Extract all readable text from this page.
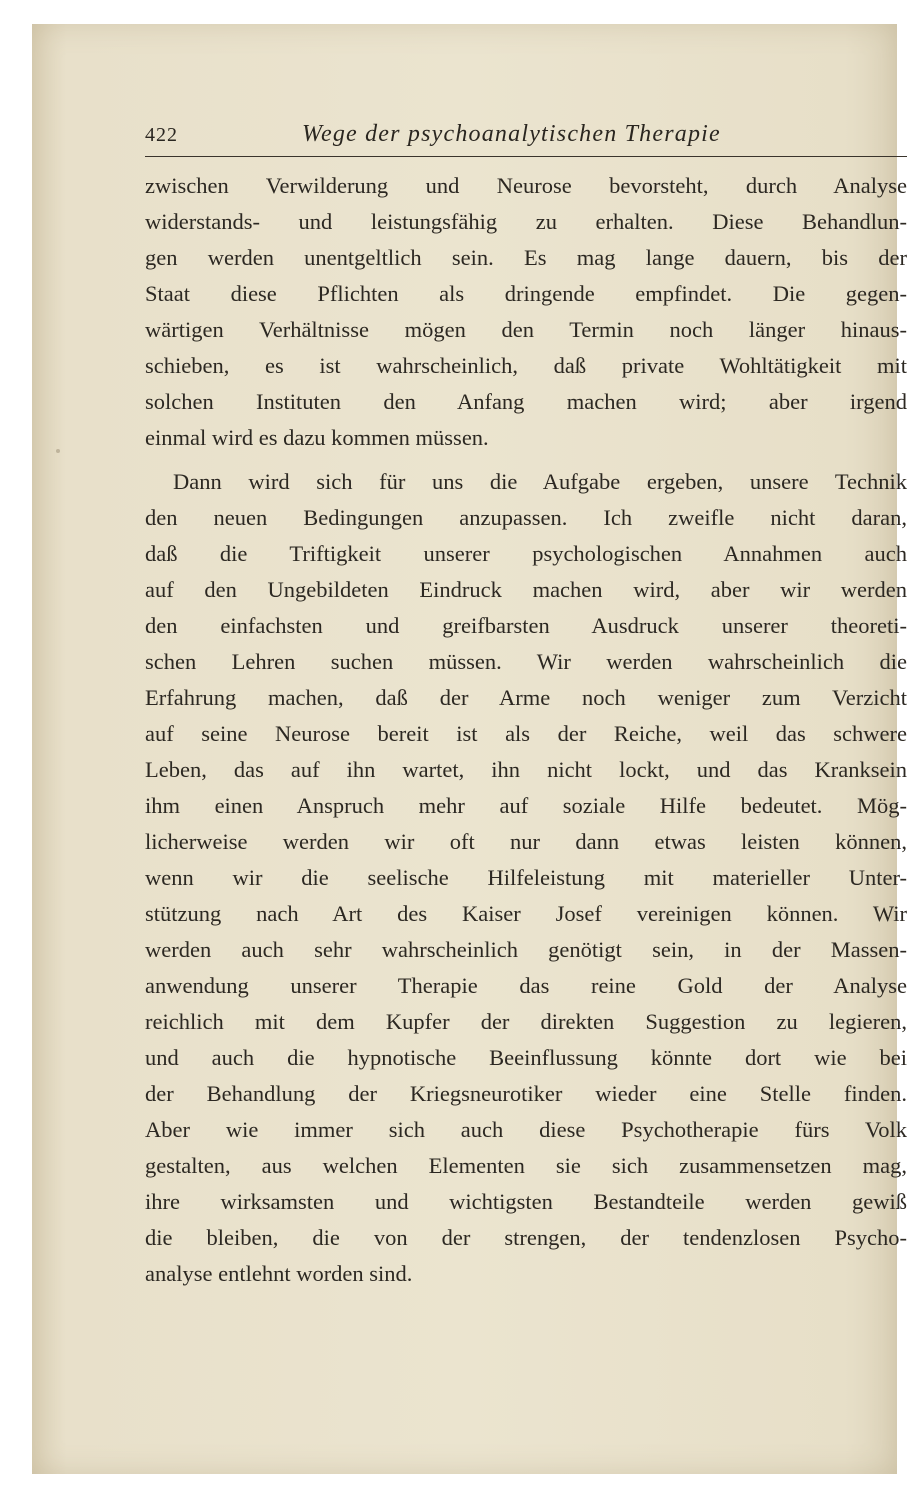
422	Wege der psychoanalytischen Therapie
zwischen Verwilderung und Neurose bevorsteht, durch Analyse
widerstands- und leistungsfähig zu erhalten. Diese Behandlun-
gen werden unentgeltlich sein. Es mag lange dauern, bis der
Staat diese Pflichten als dringende empfindet. Die gegen-
wärtigen Verhältnisse mögen den Termin noch länger hinaus-
schieben, es ist wahrscheinlich, daß private Wohltätigkeit mit
solchen Instituten den Anfang machen wird; aber irgend
einmal wird es dazu kommen müssen.
Dann wird sich für uns die Aufgabe ergeben, unsere Technik
den neuen Bedingungen anzupassen. Ich zweifle nicht daran,
daß die Triftigkeit unserer psychologischen Annahmen auch
auf den Ungebildeten Eindruck machen wird, aber wir werden
den einfachsten und greifbarsten Ausdruck unserer theoreti-
schen Lehren suchen müssen. Wir werden wahrscheinlich die
Erfahrung machen, daß der Arme noch weniger zum Verzicht
auf seine Neurose bereit ist als der Reiche, weil das schwere
Leben, das auf ihn wartet, ihn nicht lockt, und das Kranksein
ihm einen Anspruch mehr auf soziale Hilfe bedeutet. Mög-
licherweise werden wir oft nur dann etwas leisten können,
wenn wir die seelische Hilfeleistung mit materieller Unter-
stützung nach Art des Kaiser Josef vereinigen können. Wir
werden auch sehr wahrscheinlich genötigt sein, in der Massen-
anwendung unserer Therapie das reine Gold der Analyse
reichlich mit dem Kupfer der direkten Suggestion zu legieren,
und auch die hypnotische Beeinflussung könnte dort wie bei
der Behandlung der Kriegsneurotiker wieder eine Stelle finden.
Aber wie immer sich auch diese Psychotherapie fürs Volk
gestalten, aus welchen Elementen sie sich zusammensetzen mag,
ihre wirksamsten und wichtigsten Bestandteile werden gewiß
die bleiben, die von der strengen, der tendenzlosen Psycho-
analyse entlehnt worden sind.
